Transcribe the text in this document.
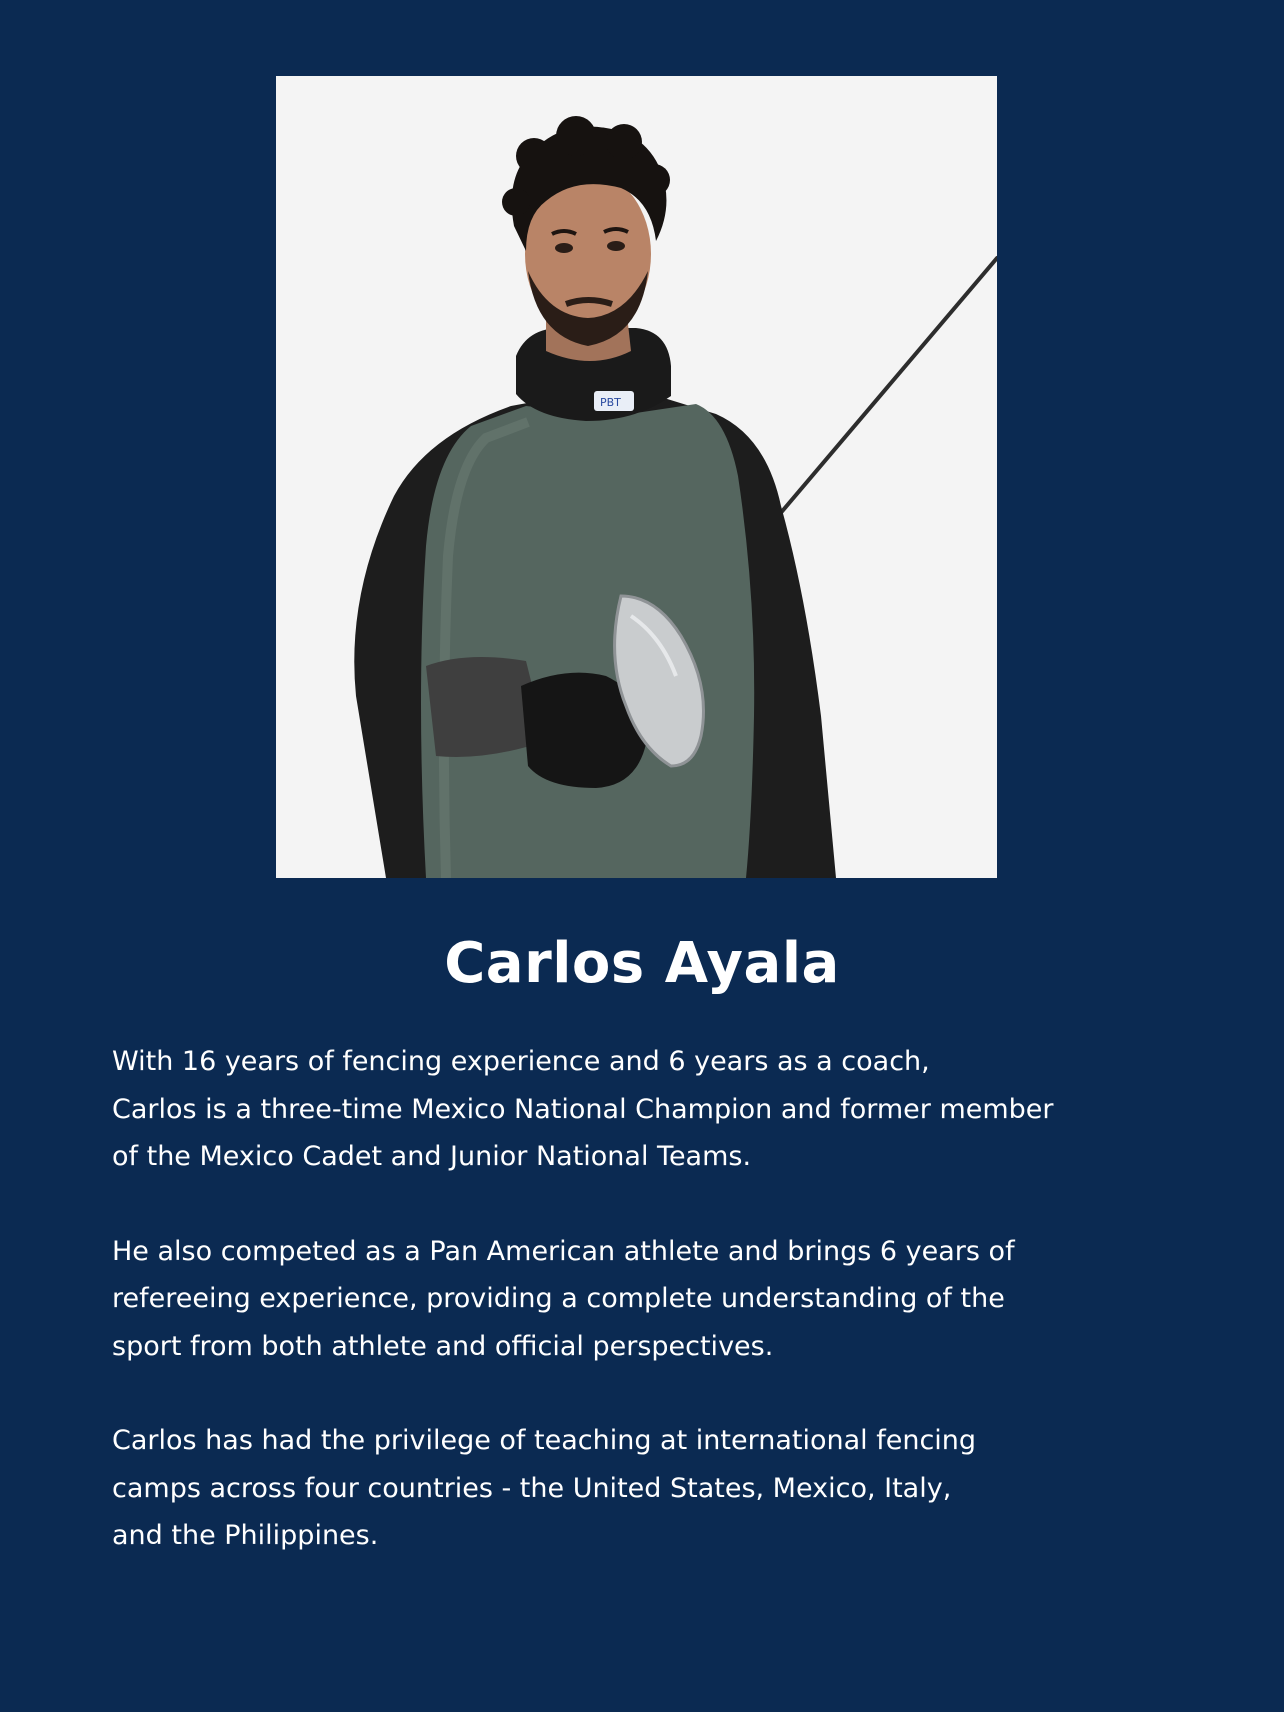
PBT
Carlos Ayala

With 16 years of fencing experience and 6 years as a coach,
Carlos is a three-time Mexico National Champion and former member
of the Mexico Cadet and Junior National Teams.

He also competed as a Pan American athlete and brings 6 years of
refereeing experience, providing a complete understanding of the
sport from both athlete and official perspectives.

Carlos has had the privilege of teaching at international fencing
camps across four countries - the United States, Mexico, Italy,
and the Philippines.
